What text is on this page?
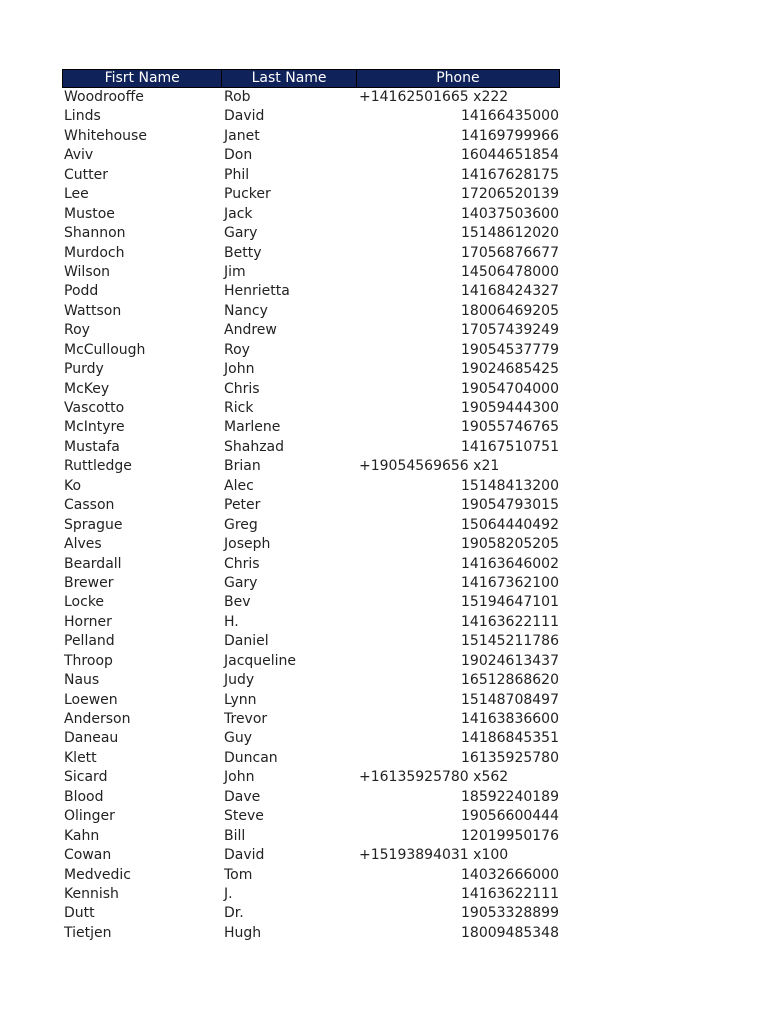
Fisrt Name	Last Name	Phone
Woodrooffe	Rob	+14162501665 x222
Linds	David	14166435000
Whitehouse	Janet	14169799966
Aviv	Don	16044651854
Cutter	Phil	14167628175
Lee	Pucker	17206520139
Mustoe	Jack	14037503600
Shannon	Gary	15148612020
Murdoch	Betty	17056876677
Wilson	Jim	14506478000
Podd	Henrietta	14168424327
Wattson	Nancy	18006469205
Roy	Andrew	17057439249
McCullough	Roy	19054537779
Purdy	John	19024685425
McKey	Chris	19054704000
Vascotto	Rick	19059444300
McIntyre	Marlene	19055746765
Mustafa	Shahzad	14167510751
Ruttledge	Brian	+19054569656 x21
Ko	Alec	15148413200
Casson	Peter	19054793015
Sprague	Greg	15064440492
Alves	Joseph	19058205205
Beardall	Chris	14163646002
Brewer	Gary	14167362100
Locke	Bev	15194647101
Horner	H.	14163622111
Pelland	Daniel	15145211786
Throop	Jacqueline	19024613437
Naus	Judy	16512868620
Loewen	Lynn	15148708497
Anderson	Trevor	14163836600
Daneau	Guy	14186845351
Klett	Duncan	16135925780
Sicard	John	+16135925780 x562
Blood	Dave	18592240189
Olinger	Steve	19056600444
Kahn	Bill	12019950176
Cowan	David	+15193894031 x100
Medvedic	Tom	14032666000
Kennish	J.	14163622111
Dutt	Dr.	19053328899
Tietjen	Hugh	18009485348
